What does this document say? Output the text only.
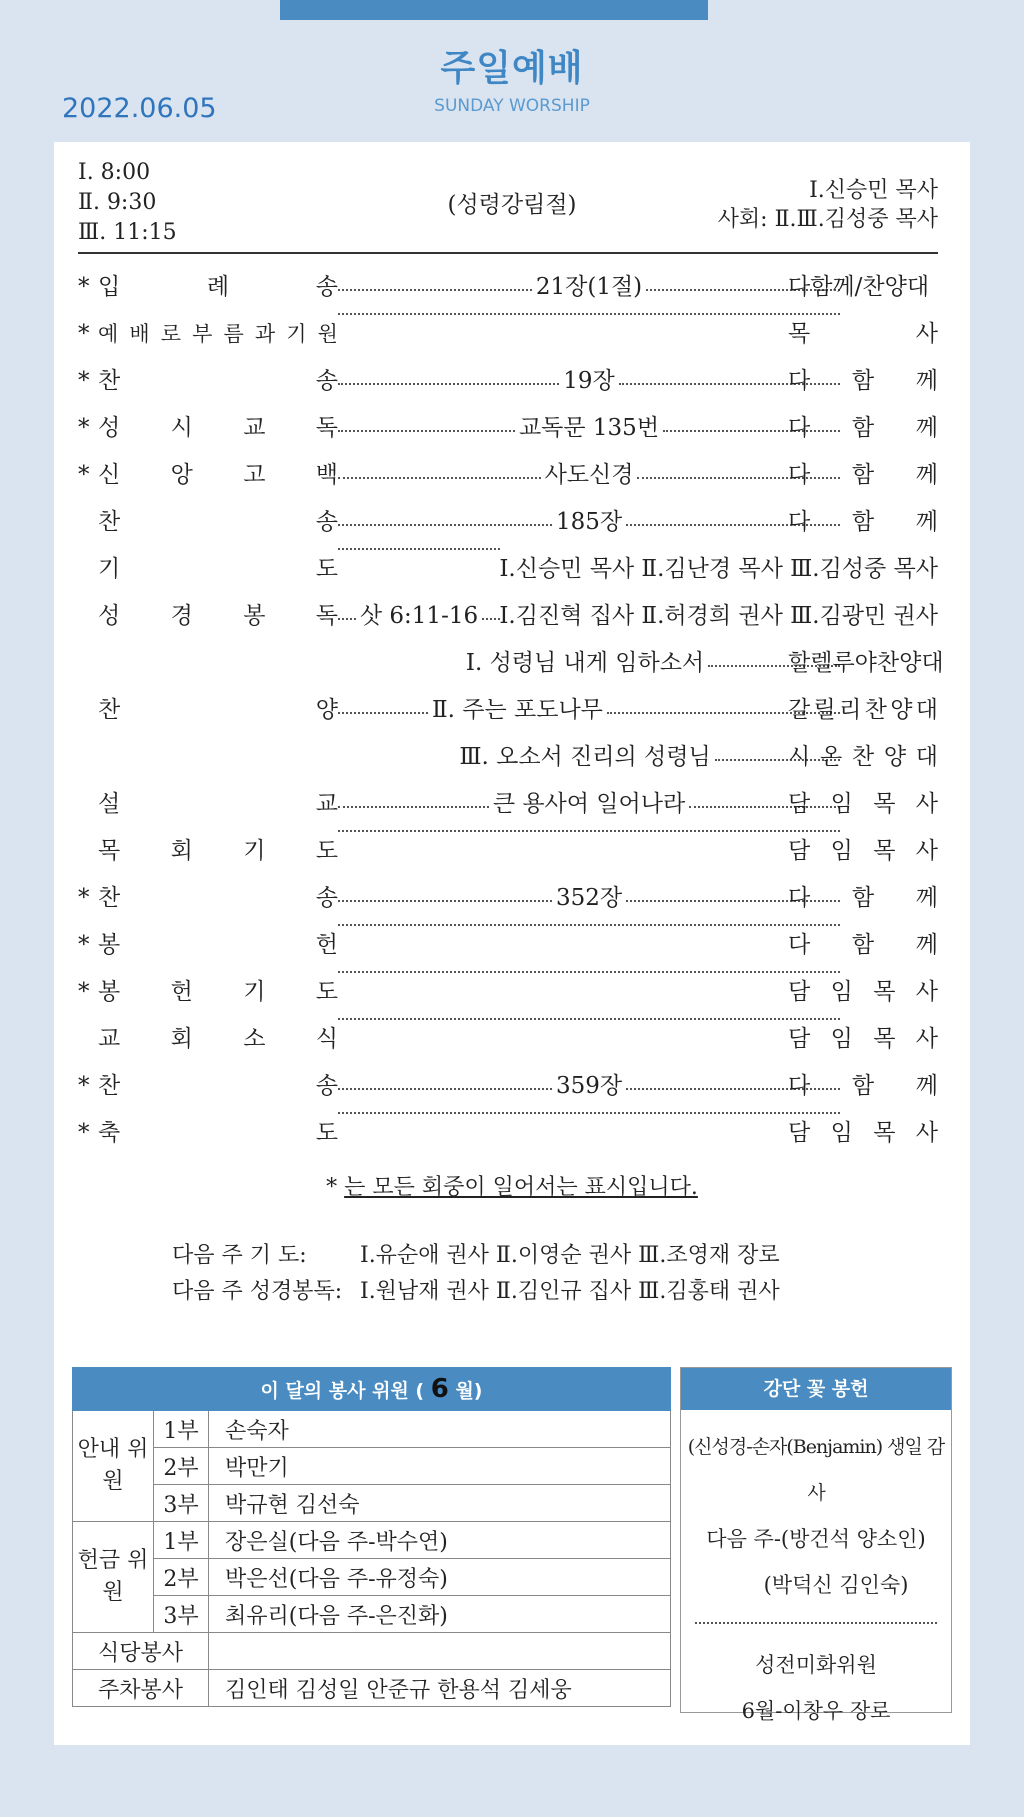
주일예배
SUNDAY WORSHIP
2022.06.05
Ⅰ. 8:00
Ⅱ. 9:30
Ⅲ. 11:15
(성령강림절)
Ⅰ.신승민 목사
사회: Ⅱ.Ⅲ.김성중 목사
* 입	례	송	21장(1절)	다함께/찬양대
* 예 배 로 부 름 과 기 원	목	사
* 찬	송	19장	다 함 께
* 성 시 교 독	교독문 135번	다 함 께
* 신 앙 고 백	사도신경	다 함 께
찬	송	185장	다 함 께
기	도	Ⅰ.신승민 목사 Ⅱ.김난경 목사 Ⅲ.김성중 목사
성 경 봉 독 삿 6:11-16 Ⅰ.김진혁 집사 Ⅱ.허경희 권사 Ⅲ.김광민 권사
Ⅰ. 성령님 내게 임하소서	할 렐 루 야 찬 양 대
찬	양	Ⅱ. 주는 포도나무	갈 릴 리 찬 양 대
Ⅲ. 오소서 진리의 성령님	시 온 찬 양 대
설	교	큰 용사여 일어나라	담 임 목 사
목 회 기 도	담 임 목 사
* 찬	송	352장	다 함 께
* 봉	헌	다 함 께
* 봉 헌 기 도	담 임 목 사
교 회 소 식	담 임 목 사
* 찬	송	359장	다 함 께
* 축	도	담 임 목 사
* 는 모든 회중이 일어서는 표시입니다.
다음 주 기 도: Ⅰ.유순애 권사 Ⅱ.이영순 권사 Ⅲ.조영재 장로
다음 주 성경봉독: Ⅰ.원남재 권사 Ⅱ.김인규 집사 Ⅲ.김홍태 권사
이 달의 봉사 위원 ( 6 월)		
안내 위원	1부	손숙자
	2부	박만기
	3부	박규현 김선숙
헌금 위원	1부	장은실(다음 주-박수연)
	2부	박은선(다음 주-유정숙)
	3부	최유리(다음 주-은진화)
식당봉사		
주차봉사		김인태 김성일 안준규 한용석 김세웅
강단 꽃 봉헌
(신성경-손자(Benjamin) 생일 감사
다음 주-(방건석 양소인)
(박덕신 김인숙)
성전미화위원
6월-이창우 장로
